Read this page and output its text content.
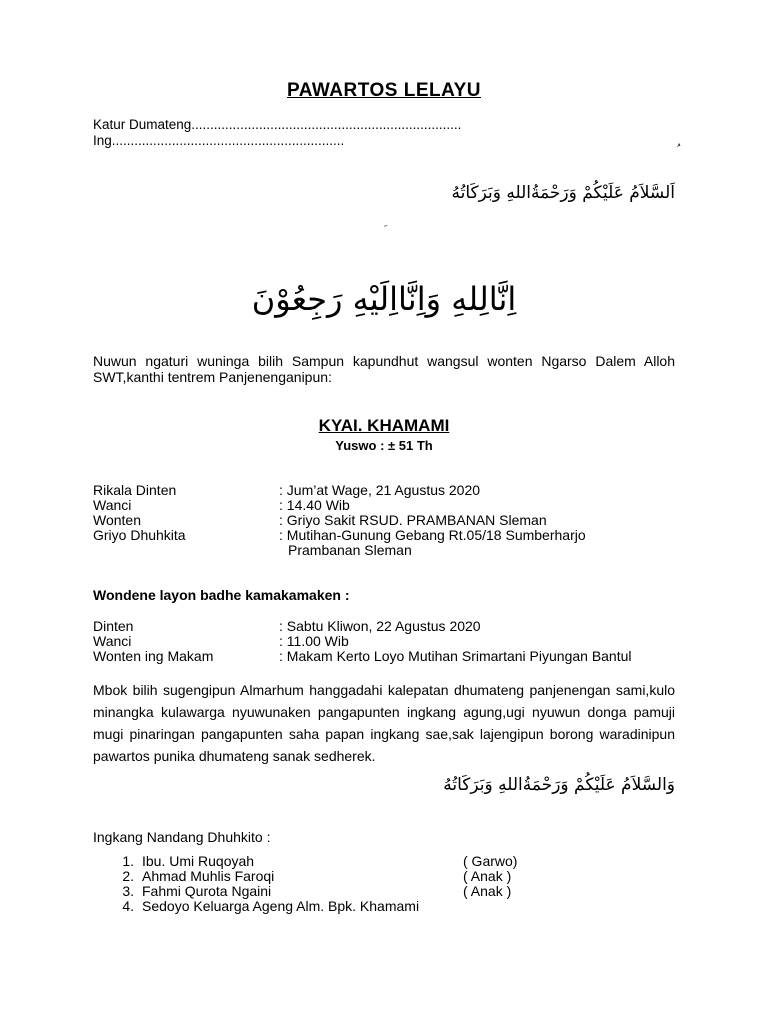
PAWARTOS LELAYU
Katur Dumateng........................................................................
Ing..............................................................
اَلسَّلاَمُ عَلَيْكُمْ وَرَحْمَةُاللهِ وَبَرَكَاتُهُ
اِنَّالِلهِ وَاِنَّااِلَيْهِ رَجِعُوْنَ
Nuwun ngaturi wuninga bilih Sampun kapundhut wangsul wonten Ngarso Dalem Alloh SWT,kanthi tentrem Panjenenganipun:
KYAI. KHAMAMI
Yuswo : ± 51 Th
Rikala Dinten	: Jum’at Wage, 21 Agustus 2020
Wanci	: 14.40 Wib
Wonten	: Griyo Sakit RSUD. PRAMBANAN Sleman
Griyo Dhuhkita	: Mutihan-Gunung Gebang Rt.05/18 Sumberharjo
Prambanan Sleman
Wondene layon badhe kamakamaken :
Dinten	: Sabtu Kliwon, 22 Agustus 2020
Wanci	: 11.00 Wib
Wonten ing Makam	: Makam Kerto Loyo Mutihan Srimartani Piyungan Bantul
Mbok bilih sugengipun Almarhum hanggadahi kalepatan dhumateng panjenengan sami,kulo minangka kulawarga nyuwunaken pangapunten ingkang agung,ugi nyuwun donga pamuji mugi pinaringan pangapunten saha papan ingkang sae,sak lajengipun borong waradinipun pawartos punika dhumateng sanak sedherek.
وَالسَّلاَمُ عَلَيْكُمْ وَرَحْمَةُاللهِ وَبَرَكَاتُهُ
Ingkang Nandang Dhuhkito :
1. Ibu. Umi Ruqoyah	( Garwo)
2. Ahmad Muhlis Faroqi	( Anak )
3. Fahmi Qurota Ngaini	( Anak )
4. Sedoyo Keluarga Ageng Alm. Bpk. Khamami
